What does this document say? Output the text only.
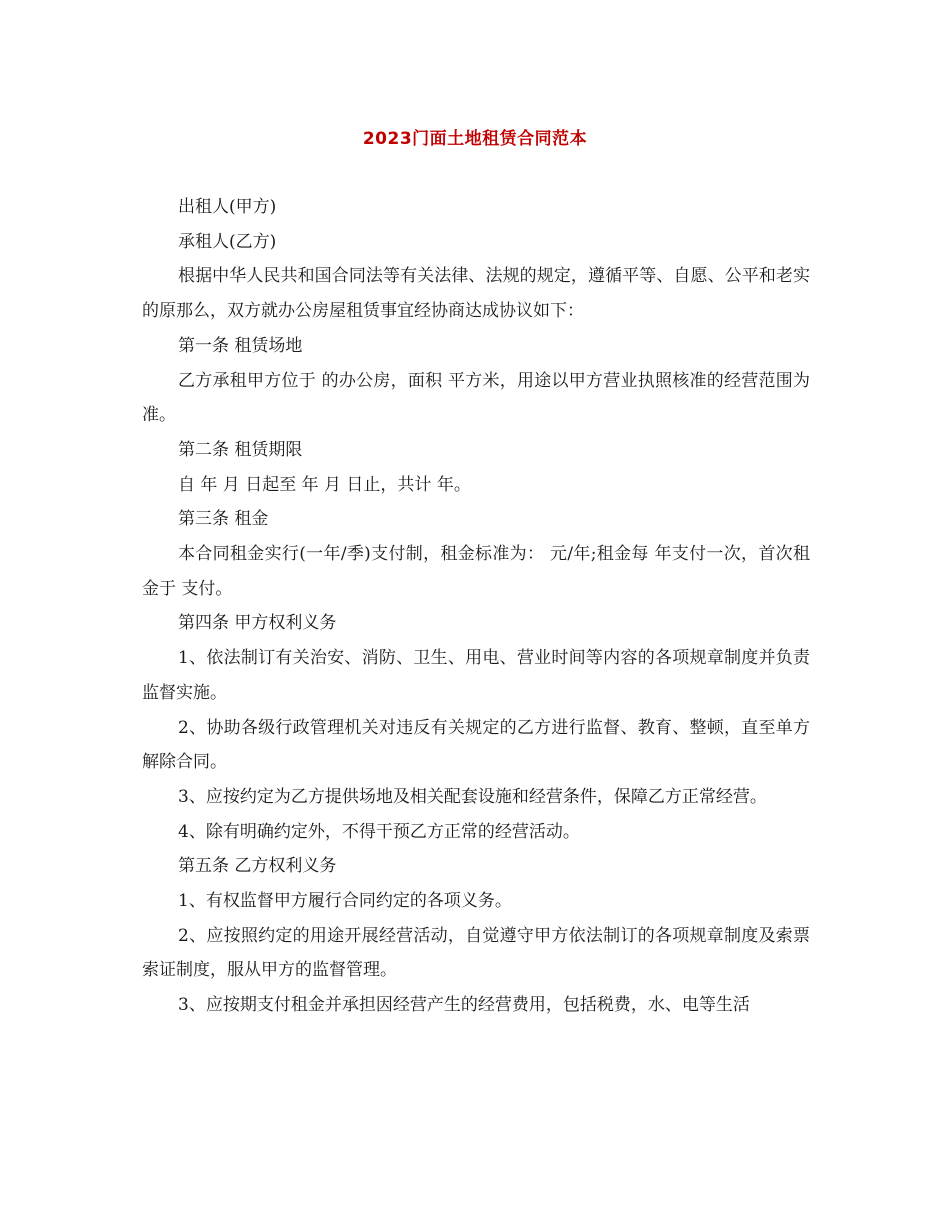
2023门面土地租赁合同范本

出租人(甲方)

承租人(乙方)

根据中华人民共和国合同法等有关法律、法规的规定，遵循平等、自愿、公平和老实的原那么，双方就办公房屋租赁事宜经协商达成协议如下：

第一条 租赁场地

乙方承租甲方位于 的办公房，面积 平方米，用途以甲方营业执照核准的经营范围为准。

第二条 租赁期限

自 年 月 日起至 年 月 日止，共计 年。

第三条 租金

本合同租金实行(一年/季)支付制，租金标准为： 元/年;租金每 年支付一次，首次租金于 支付。

第四条 甲方权利义务

1、依法制订有关治安、消防、卫生、用电、营业时间等内容的各项规章制度并负责监督实施。

2、协助各级行政管理机关对违反有关规定的乙方进行监督、教育、整顿，直至单方解除合同。

3、应按约定为乙方提供场地及相关配套设施和经营条件，保障乙方正常经营。

4、除有明确约定外，不得干预乙方正常的经营活动。

第五条 乙方权利义务

1、有权监督甲方履行合同约定的各项义务。

2、应按照约定的用途开展经营活动，自觉遵守甲方依法制订的各项规章制度及索票索证制度，服从甲方的监督管理。

3、应按期支付租金并承担因经营产生的经营费用，包括税费，水、电等生活
